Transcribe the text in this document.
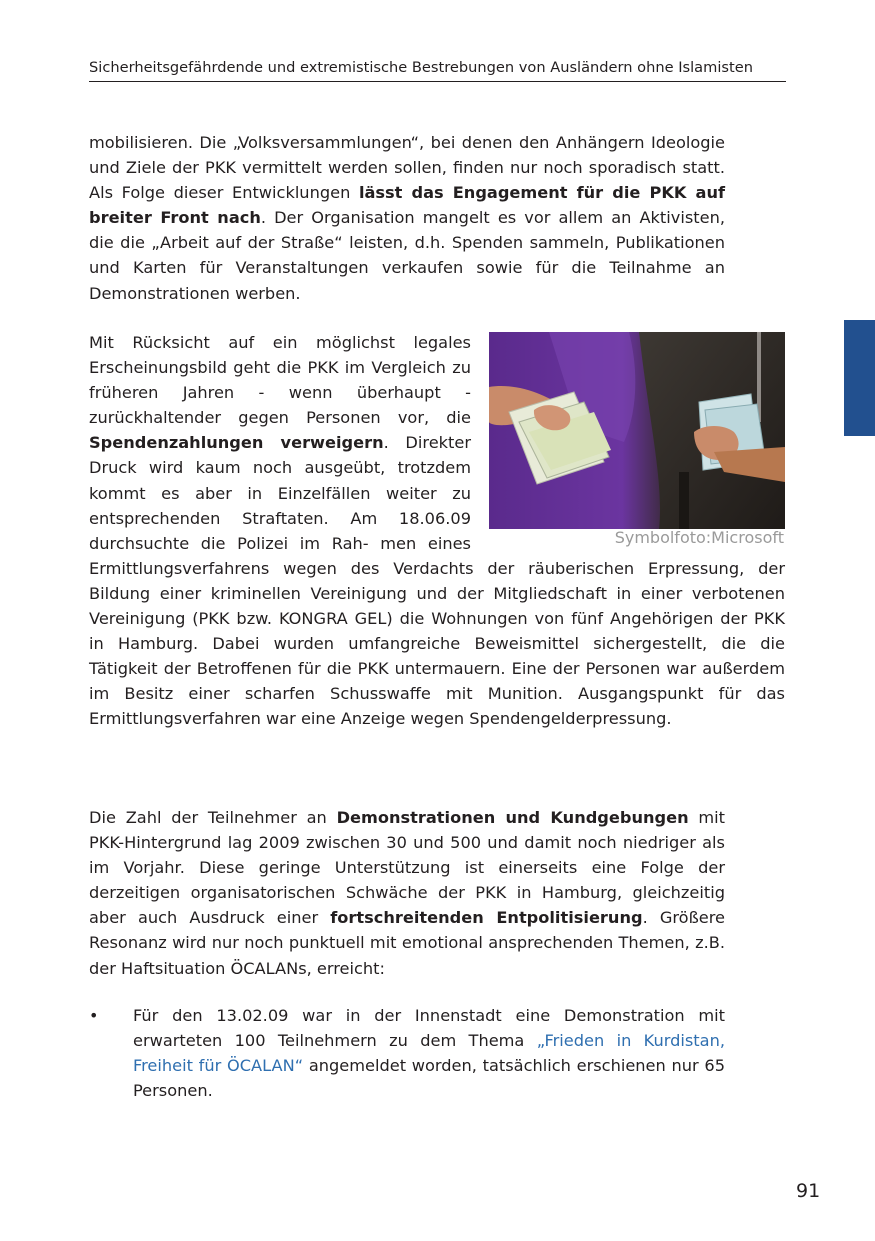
Sicherheitsgefährdende und extremistische Bestrebungen von Ausländern ohne Islamisten
mobilisieren. Die „Volksversammlungen“, bei denen den Anhängern Ideologie und Ziele der PKK vermittelt werden sollen, finden nur noch sporadisch statt. Als Folge dieser Entwicklungen lässt das Engagement für die PKK auf breiter Front nach. Der Organisation mangelt es vor allem an Aktivisten, die die „Arbeit auf der Straße“ leisten, d.h. Spenden sammeln, Publikationen und Karten für Veranstaltungen verkaufen sowie für die Teilnahme an Demonstrationen werben.
Symbolfoto:Microsoft
Mit Rücksicht auf ein möglichst legales Erscheinungsbild geht die PKK im Vergleich zu früheren Jahren - wenn überhaupt - zurückhaltender gegen Personen vor, die Spendenzahlungen verweigern. Direkter Druck wird kaum noch ausgeübt, trotzdem kommt es aber in Einzelfällen weiter zu entsprechenden Straftaten. Am 18.06.09 durchsuchte die Polizei im Rah- men eines Ermittlungsverfahrens wegen des Verdachts der räuberischen Erpressung, der Bildung einer kriminellen Vereinigung und der Mitgliedschaft in einer verbotenen Vereinigung (PKK bzw. KONGRA GEL) die Wohnungen von fünf Angehörigen der PKK in Hamburg. Dabei wurden umfangreiche Beweismittel sichergestellt, die die Tätigkeit der Betroffenen für die PKK untermauern. Eine der Personen war außerdem im Besitz einer scharfen Schusswaffe mit Munition. Ausgangspunkt für das Ermittlungsverfahren war eine Anzeige wegen Spendengelderpressung.
Die Zahl der Teilnehmer an Demonstrationen und Kundgebungen mit PKK-Hintergrund lag 2009 zwischen 30 und 500 und damit noch niedriger als im Vorjahr. Diese geringe Unterstützung ist einerseits eine Folge der derzeitigen organisatorischen Schwäche der PKK in Hamburg, gleichzeitig aber auch Ausdruck einer fortschreitenden Entpolitisierung. Größere Resonanz wird nur noch punktuell mit emotional ansprechenden Themen, z.B. der Haftsituation ÖCALANs, erreicht:
• Für den 13.02.09 war in der Innenstadt eine Demonstration mit erwarteten 100 Teilnehmern zu dem Thema „Frieden in Kurdistan, Freiheit für ÖCALAN“ angemeldet worden, tatsächlich erschienen nur 65 Personen.
91
